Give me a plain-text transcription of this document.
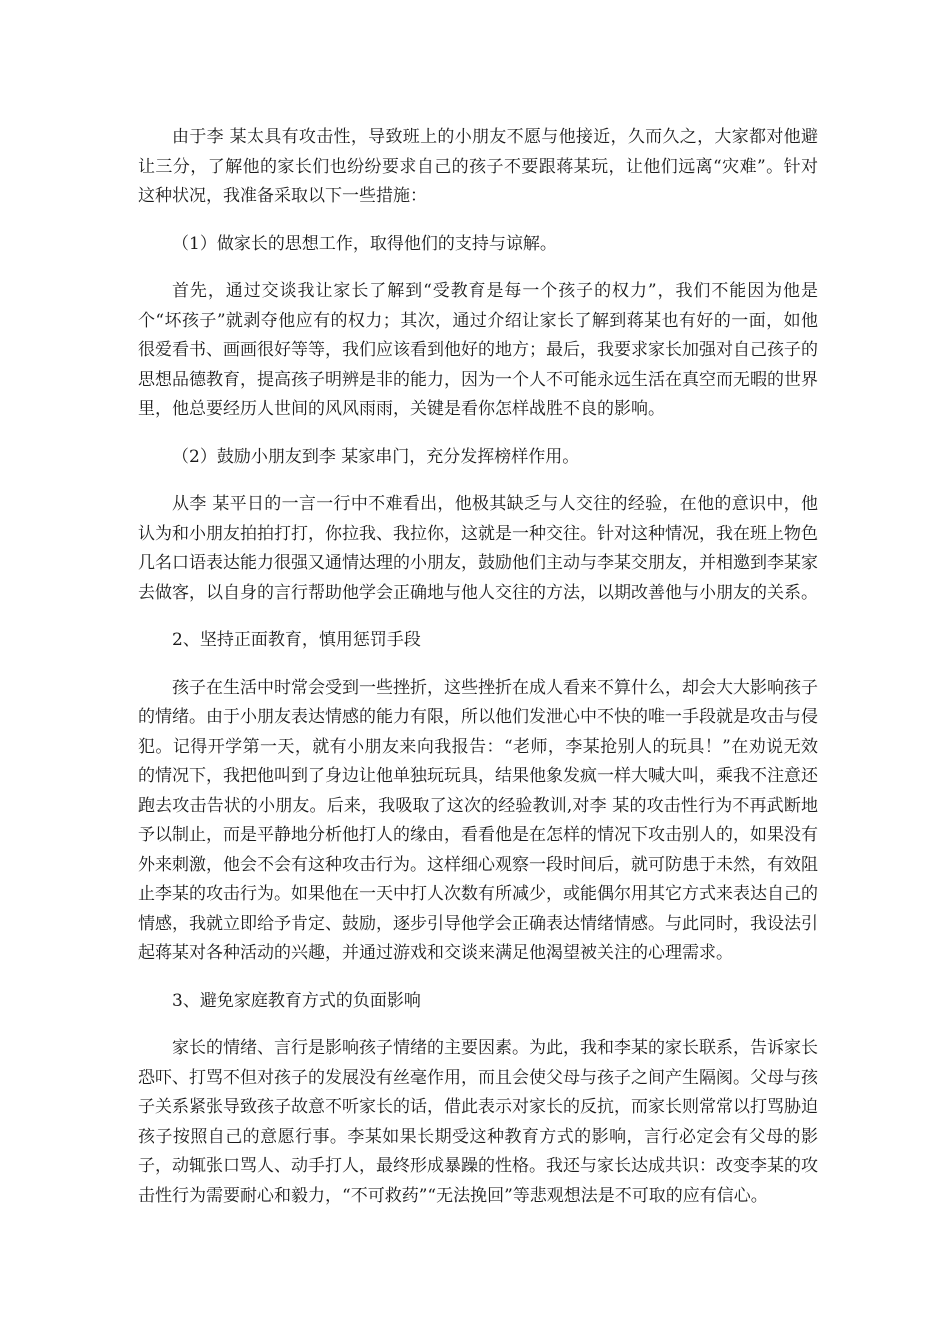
由于李 某太具有攻击性，导致班上的小朋友不愿与他接近，久而久之，大家都对他避让三分，了解他的家长们也纷纷要求自己的孩子不要跟蒋某玩，让他们远离“灾难”。针对这种状况，我准备采取以下一些措施：

（1）做家长的思想工作，取得他们的支持与谅解。

首先，通过交谈我让家长了解到“受教育是每一个孩子的权力”，我们不能因为他是个“坏孩子”就剥夺他应有的权力；其次，通过介绍让家长了解到蒋某也有好的一面，如他很爱看书、画画很好等等，我们应该看到他好的地方；最后，我要求家长加强对自己孩子的思想品德教育，提高孩子明辨是非的能力，因为一个人不可能永远生活在真空而无暇的世界里，他总要经历人世间的风风雨雨，关键是看你怎样战胜不良的影响。

（2）鼓励小朋友到李 某家串门，充分发挥榜样作用。

从李 某平日的一言一行中不难看出，他极其缺乏与人交往的经验，在他的意识中，他认为和小朋友拍拍打打，你拉我、我拉你，这就是一种交往。针对这种情况，我在班上物色几名口语表达能力很强又通情达理的小朋友，鼓励他们主动与李某交朋友，并相邀到李某家去做客，以自身的言行帮助他学会正确地与他人交往的方法，以期改善他与小朋友的关系。

2、坚持正面教育，慎用惩罚手段

孩子在生活中时常会受到一些挫折，这些挫折在成人看来不算什么，却会大大影响孩子的情绪。由于小朋友表达情感的能力有限，所以他们发泄心中不快的唯一手段就是攻击与侵犯。记得开学第一天，就有小朋友来向我报告：“老师，李某抢别人的玩具！”在劝说无效的情况下，我把他叫到了身边让他单独玩玩具，结果他象发疯一样大喊大叫，乘我不注意还跑去攻击告状的小朋友。后来，我吸取了这次的经验教训,对李 某的攻击性行为不再武断地予以制止，而是平静地分析他打人的缘由，看看他是在怎样的情况下攻击别人的，如果没有外来刺激，他会不会有这种攻击行为。这样细心观察一段时间后，就可防患于未然，有效阻止李某的攻击行为。如果他在一天中打人次数有所减少，或能偶尔用其它方式来表达自己的情感，我就立即给予肯定、鼓励，逐步引导他学会正确表达情绪情感。与此同时，我设法引起蒋某对各种活动的兴趣，并通过游戏和交谈来满足他渴望被关注的心理需求。

3、避免家庭教育方式的负面影响

家长的情绪、言行是影响孩子情绪的主要因素。为此，我和李某的家长联系，告诉家长恐吓、打骂不但对孩子的发展没有丝毫作用，而且会使父母与孩子之间产生隔阂。父母与孩子关系紧张导致孩子故意不听家长的话，借此表示对家长的反抗，而家长则常常以打骂胁迫孩子按照自己的意愿行事。李某如果长期受这种教育方式的影响，言行必定会有父母的影子，动辄张口骂人、动手打人，最终形成暴躁的性格。我还与家长达成共识：改变李某的攻击性行为需要耐心和毅力，“不可救药”“无法挽回”等悲观想法是不可取的应有信心。
